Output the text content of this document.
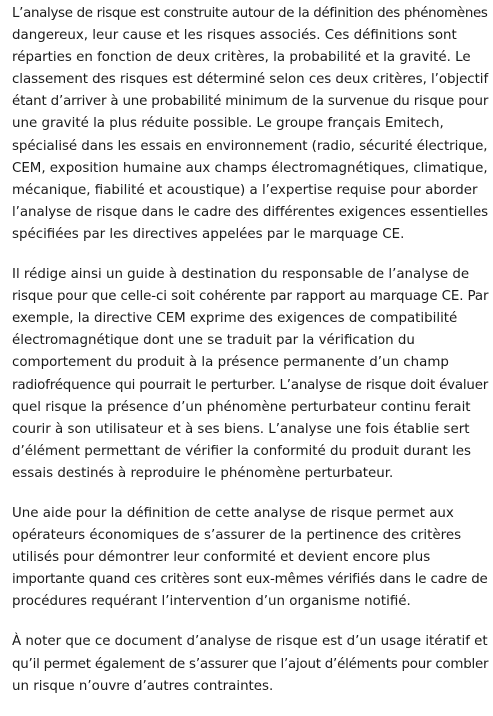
L’analyse de risque est construite autour de la définition des phénomènes
dangereux, leur cause et les risques associés. Ces définitions sont
réparties en fonction de deux critères, la probabilité et la gravité. Le
classement des risques est déterminé selon ces deux critères, l’objectif
étant d’arriver à une probabilité minimum de la survenue du risque pour
une gravité la plus réduite possible. Le groupe français Emitech,
spécialisé dans les essais en environnement (radio, sécurité électrique,
CEM, exposition humaine aux champs électromagnétiques, climatique,
mécanique, fiabilité et acoustique) a l’expertise requise pour aborder
l’analyse de risque dans le cadre des différentes exigences essentielles
spécifiées par les directives appelées par le marquage CE.

Il rédige ainsi un guide à destination du responsable de l’analyse de
risque pour que celle-ci soit cohérente par rapport au marquage CE. Par
exemple, la directive CEM exprime des exigences de compatibilité
électromagnétique dont une se traduit par la vérification du
comportement du produit à la présence permanente d’un champ
radiofréquence qui pourrait le perturber. L’analyse de risque doit évaluer
quel risque la présence d’un phénomène perturbateur continu ferait
courir à son utilisateur et à ses biens. L’analyse une fois établie sert
d’élément permettant de vérifier la conformité du produit durant les
essais destinés à reproduire le phénomène perturbateur.

Une aide pour la définition de cette analyse de risque permet aux
opérateurs économiques de s’assurer de la pertinence des critères
utilisés pour démontrer leur conformité et devient encore plus
importante quand ces critères sont eux-mêmes vérifiés dans le cadre de
procédures requérant l’intervention d’un organisme notifié.

À noter que ce document d’analyse de risque est d’un usage itératif et
qu’il permet également de s’assurer que l’ajout d’éléments pour combler
un risque n’ouvre d’autres contraintes.
